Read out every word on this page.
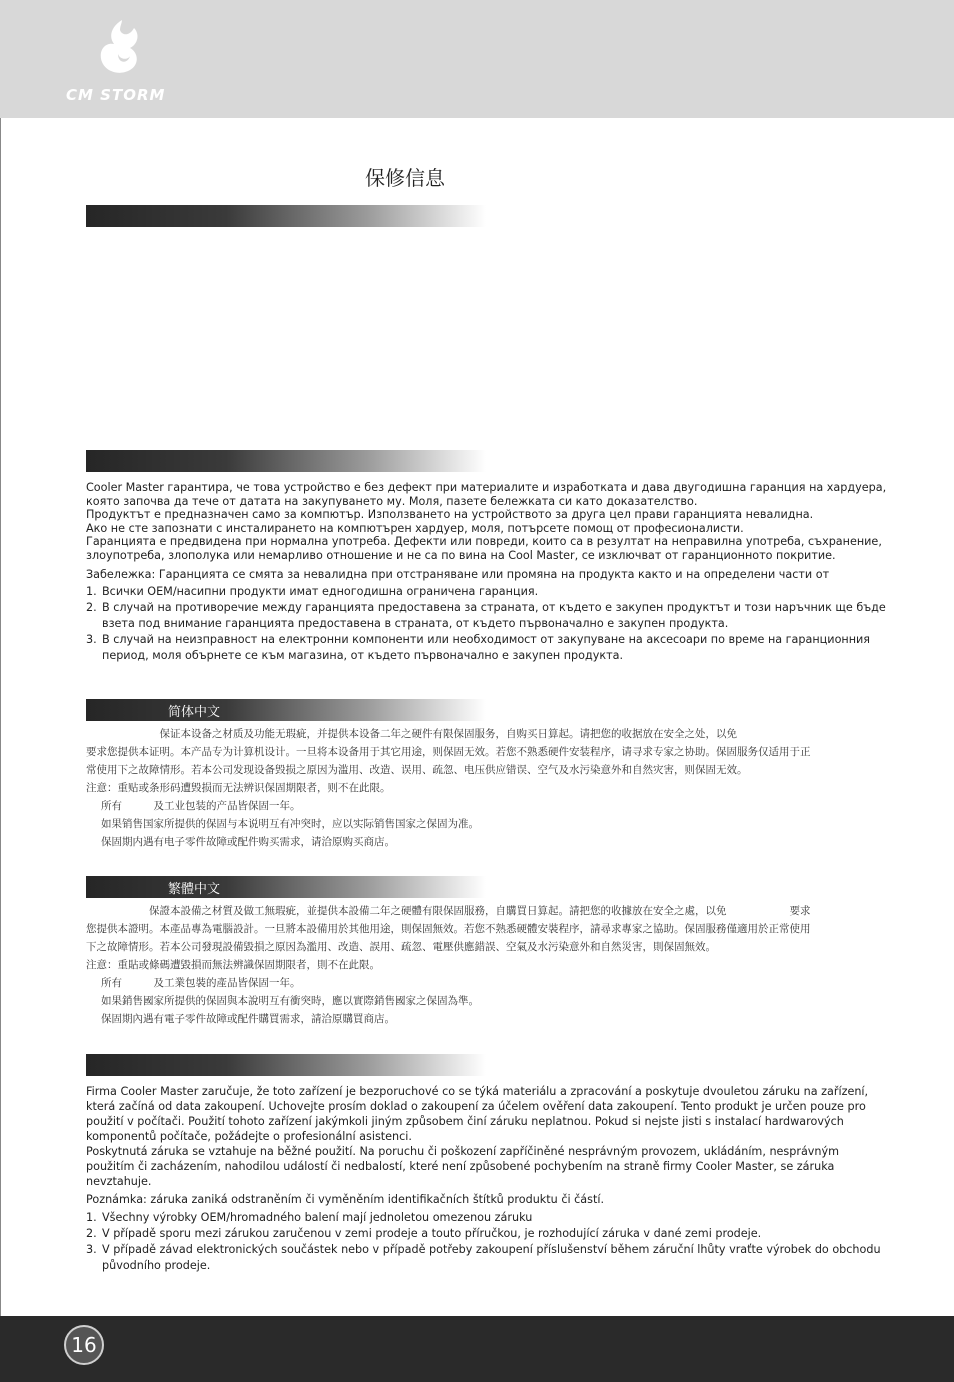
CM STORM
保修信息

Cooler Master гарантира, че това устройство е без дефект при материалите и изработката и дава двугодишна гаранция на хардуера,

която започва да тече от датата на закупуването му. Моля, пазете бележката си като доказателство.

Продуктът е предназначен само за компютър. Използването на устройството за друга цел прави гаранцията невалидна.

Ако не сте запознати с инсталирането на компютърен хардуер, моля, потърсете помощ от професионалисти.

Гаранцията е предвидена при нормална употреба. Дефекти или повреди, които са в резултат на неправилна употреба, съхранение,

злоупотреба, злополука или немарливо отношение и не са по вина на Cool Master, се изключват от гаранционното покритие.

Забележка: Гаранцията се смята за невалидна при отстраняване или промяна на продукта както и на определени части от

1. Всички OEM/насипни продукти имат едногодишна ограничена гаранция.
2. В случай на противоречие между гаранцията предоставена за страната, от където е закупен продуктът и този наръчник ще бъде взета под внимание гаранцията предоставена в страната, от където първоначално е закупен продукта.
3. В случай на неизправност на електронни компоненти или необходимост от закупуване на аксесоари по време на гаранционния период, моля обърнете се към магазина, от където първоначално е закупен продукта.
简体中文

　　　　　　　保证本设备之材质及功能无瑕疵，并提供本设备二年之硬件有限保固服务，自购买日算起。请把您的收据放在安全之处，以免

要求您提供本证明。本产品专为计算机设计。一旦将本设备用于其它用途，则保固无效。若您不熟悉硬件安装程序，请寻求专家之协助。保固服务仅适用于正

常使用下之故障情形。若本公司发现设备毁损之原因为滥用、改造、误用、疏忽、电压供应错误、空气及水污染意外和自然灾害，则保固无效。

注意：重贴或条形码遭毁损而无法辨识保固期限者，则不在此限。

所有　　　及工业包装的产品皆保固一年。

如果销售国家所提供的保固与本说明互有冲突时，应以实际销售国家之保固为准。

保固期内遇有电子零件故障或配件购买需求，请洽原购买商店。

繁體中文

　　　　　　保證本設備之材質及做工無瑕疵，並提供本設備二年之硬體有限保固服務，自購買日算起。請把您的收據放在安全之處，以免　　　　　　要求

您提供本證明。本產品專為電腦設計。一旦將本設備用於其他用途，則保固無效。若您不熟悉硬體安裝程序，請尋求專家之協助。保固服務僅適用於正常使用

下之故障情形。若本公司發現設備毀損之原因為濫用、改造、誤用、疏忽、電壓供應錯誤、空氣及水污染意外和自然災害，則保固無效。

注意：重貼或條碼遭毀損而無法辨識保固期限者，則不在此限。

所有　　　及工業包裝的產品皆保固一年。

如果銷售國家所提供的保固與本說明互有衝突時，應以實際銷售國家之保固為準。

保固期內遇有電子零件故障或配件購買需求，請洽原購買商店。

Firma Cooler Master zaručuje, že toto zařízení je bezporuchové co se týká materiálu a zpracování a poskytuje dvouletou záruku na zařízení,

která začíná od data zakoupení. Uchovejte prosím doklad o zakoupení za účelem ověření data zakoupení. Tento produkt je určen pouze pro

použití v počítači. Použití tohoto zařízení jakýmkoli jiným způsobem činí záruku neplatnou. Pokud si nejste jisti s instalací hardwarových

komponentů počítače, požádejte o profesionální asistenci.

Poskytnutá záruka se vztahuje na běžné použití. Na poruchu či poškození zapříčiněné nesprávným provozem, ukládáním, nesprávným

použitím či zacházením, nahodilou událostí či nedbalostí, které není způsobené pochybením na straně firmy Cooler Master, se záruka

nevztahuje.

Poznámka: záruka zaniká odstraněním či vyměněním identifikačních štítků produktu či částí.

1. Všechny výrobky OEM/hromadného balení mají jednoletou omezenou záruku
2. V případě sporu mezi zárukou zaručenou v zemi prodeje a touto příručkou, je rozhodující záruka v dané zemi prodeje.
3. V případě závad elektronických součástek nebo v případě potřeby zakoupení příslušenství během záruční lhůty vraťte výrobek do obchodu původního prodeje.
16
